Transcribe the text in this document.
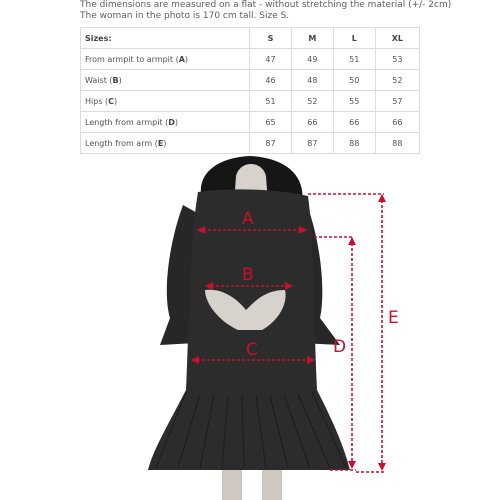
The dimensions are measured on a flat - without stretching the material (+/- 2cm)
The woman in the photo is 170 cm tall. Size S.
Sizes:	S	M	L	XL
From armpit to armpit (A)	47	49	51	53
Waist (B)	46	48	50	52
Hips (C)	51	52	55	57
Length from armpit (D)	65	66	66	66
Length from arm (E)	87	87	88	88
A
B
C	D
E
